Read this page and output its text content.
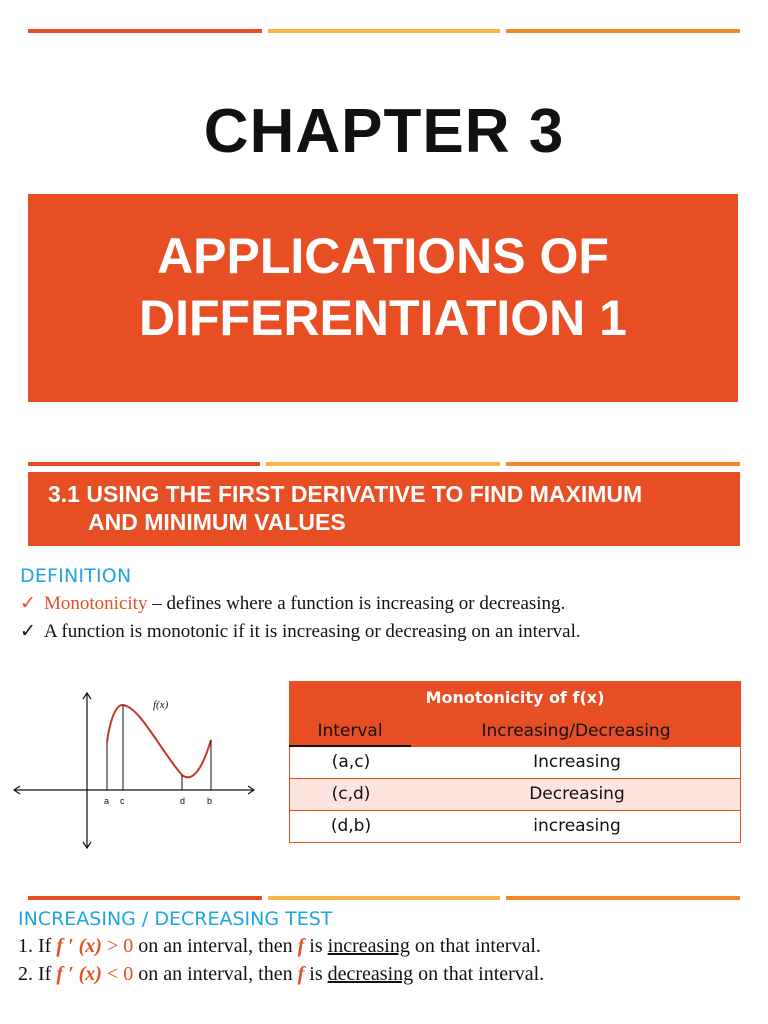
CHAPTER 3
APPLICATIONS OF
DIFFERENTIATION 1
3.1 USING THE FIRST DERIVATIVE TO FIND MAXIMUM
AND MINIMUM VALUES
DEFINITION
✓ Monotonicity – defines where a function is increasing or decreasing.
✓ A function is monotonic if it is increasing or decreasing on an interval.
f(x)
a c	d b
Monotonicity of f(x)
Interval	Increasing/Decreasing
(a,c)	Increasing
(c,d)	Decreasing
(d,b)	increasing
INCREASING / DECREASING TEST
1. If f ′ (x) > 0 on an interval, then f is increasing on that interval.
2. If f ′ (x) < 0 on an interval, then f is decreasing on that interval.
